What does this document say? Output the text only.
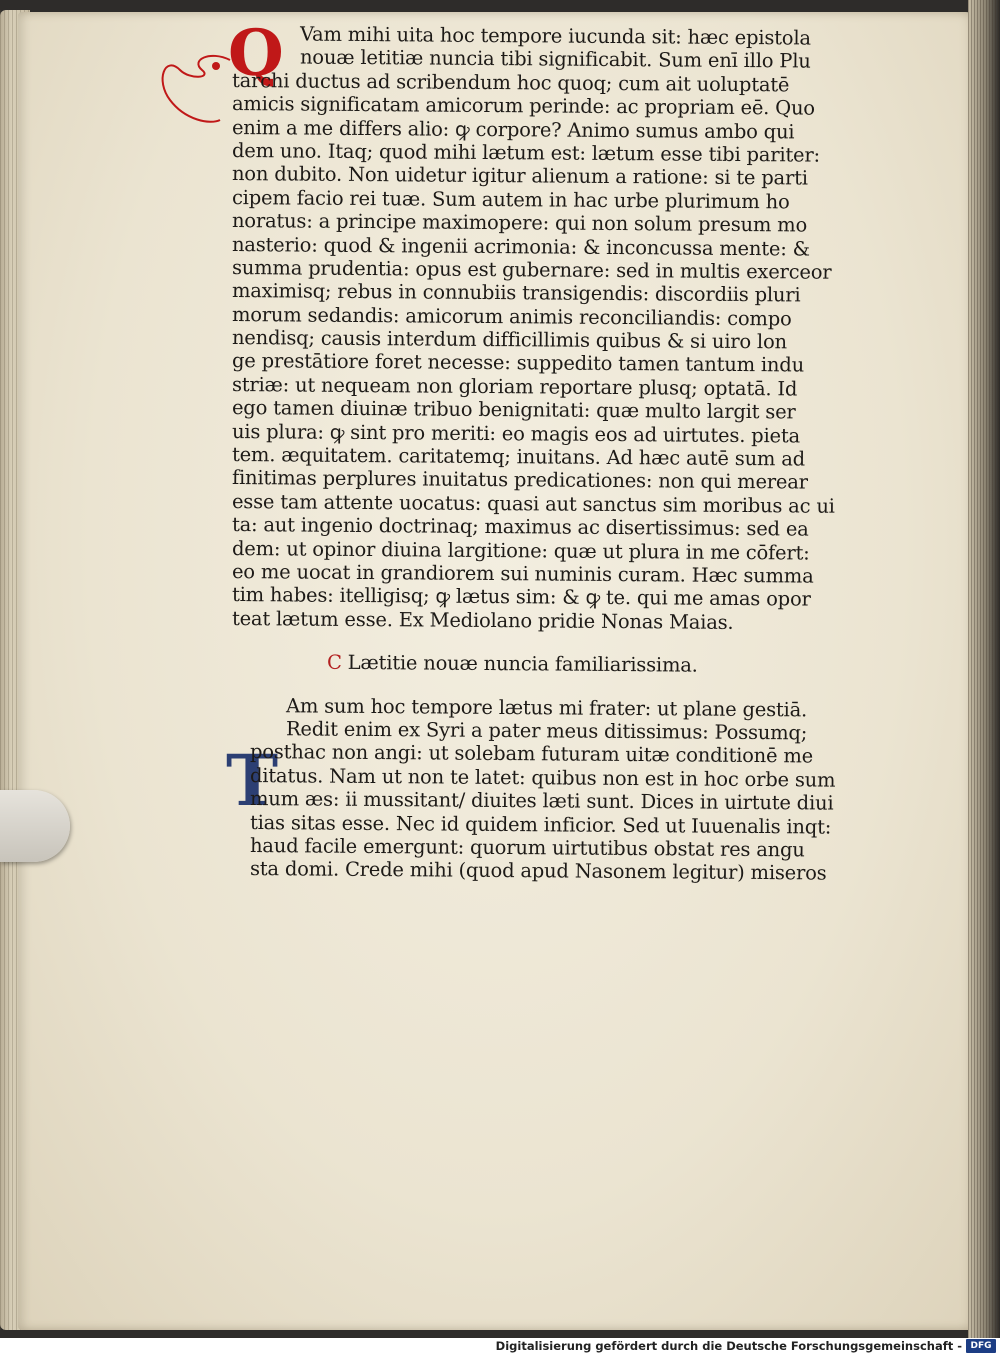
Q
T
Vam mihi uita hoc tempore iucunda sit: hæc epistola
nouæ letitiæ nuncia tibi significabit. Sum enī illo Plu
tarchi ductus ad scribendum hoc quoq; cum ait uoluptatē
amicis significatam amicorum perinde: ac propriam eē. Quo
enim a me differs alio: ꝙ corpore? Animo sumus ambo qui
dem uno. Itaq; quod mihi lætum est: lætum esse tibi pariter:
non dubito. Non uidetur igitur alienum a ratione: si te parti
cipem facio rei tuæ. Sum autem in hac urbe plurimum ho
noratus: a principe maximopere: qui non solum presum mo
nasterio: quod & ingenii acrimonia: & inconcussa mente: &
summa prudentia: opus est gubernare: sed in multis exerceor
maximisq; rebus in connubiis transigendis: discordiis pluri
morum sedandis: amicorum animis reconciliandis: compo
nendisq; causis interdum difficillimis quibus & si uiro lon
ge prestātiore foret necesse: suppedito tamen tantum indu
striæ: ut nequeam non gloriam reportare plusq; optatā. Id
ego tamen diuinæ tribuo benignitati: quæ multo largit ser
uis plura: ꝙ sint pro meriti: eo magis eos ad uirtutes. pieta
tem. æquitatem. caritatemq; inuitans. Ad hæc autē sum ad
finitimas perplures inuitatus predicationes: non qui merear
esse tam attente uocatus: quasi aut sanctus sim moribus ac ui
ta: aut ingenio doctrinaq; maximus ac disertissimus: sed ea
dem: ut opinor diuina largitione: quæ ut plura in me cōfert:
eo me uocat in grandiorem sui numinis curam. Hæc summa
tim habes: itelligisq; ꝙ lætus sim: & ꝙ te. qui me amas opor
teat lætum esse. Ex Mediolano pridie Nonas Maias.
C Lætitie nouæ nuncia familiarissima.
Am sum hoc tempore lætus mi frater: ut plane gestiā.
Redit enim ex Syri a pater meus ditissimus: Possumq;
posthac non angi: ut solebam futuram uitæ conditionē me
ditatus. Nam ut non te latet: quibus non est in hoc orbe sum
mum æs: ii mussitant/ diuites læti sunt. Dices in uirtute diui
tias sitas esse. Nec id quidem inficior. Sed ut Iuuenalis inqt:
haud facile emergunt: quorum uirtutibus obstat res angu
sta domi. Crede mihi (quod apud Nasonem legitur) miseros
Digitalisierung gefördert durch die Deutsche Forschungsgemeinschaft - DFG
